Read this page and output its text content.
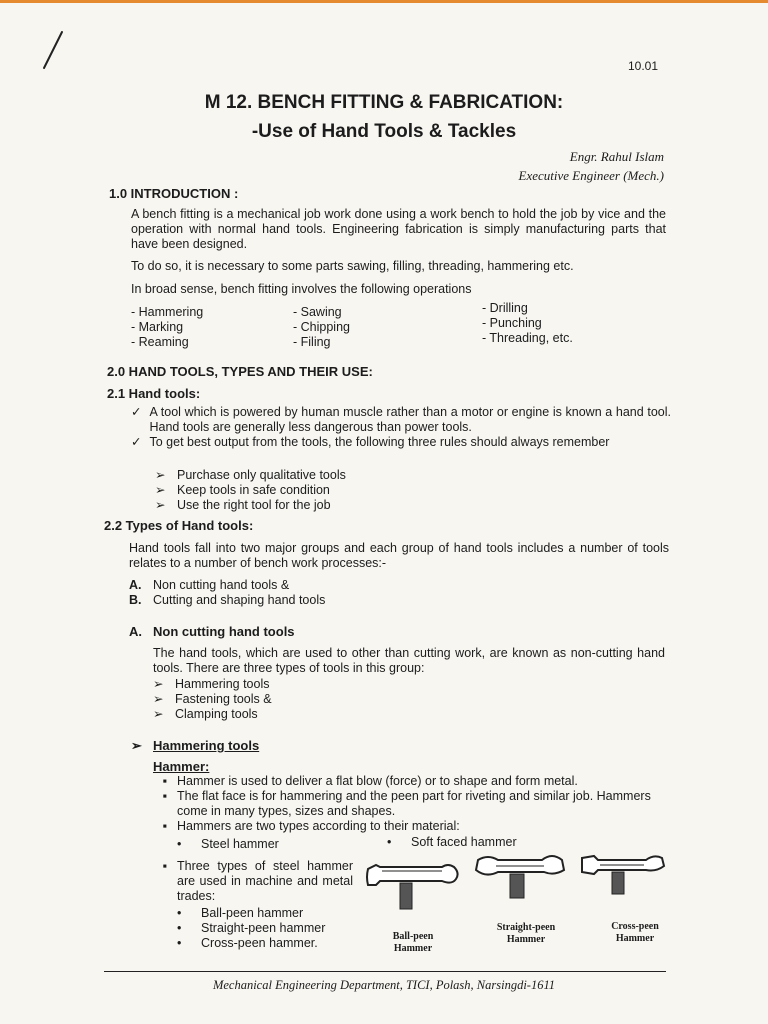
10.01
M 12. BENCH FITTING & FABRICATION:
-Use of Hand Tools & Tackles
Engr. Rahul Islam
Executive Engineer (Mech.)
1.0 INTRODUCTION :
A bench fitting is a mechanical job work done using a work bench to hold the job by vice and the operation with normal hand tools. Engineering fabrication is simply manufacturing parts that have been designed.
To do so, it is necessary to some parts sawing, filling, threading, hammering etc.
In broad sense, bench fitting involves the following operations
- Hammering
- Marking
- Reaming
- Sawing
- Chipping
- Filing
- Drilling
- Punching
- Threading, etc.
2.0 HAND TOOLS, TYPES AND THEIR USE:
2.1 Hand tools:
✓ A tool which is powered by human muscle rather than a motor or engine is known a hand tool. Hand tools are generally less dangerous than power tools.
✓ To get best output from the tools, the following three rules should always remember
➢ Purchase only qualitative tools
➢ Keep tools in safe condition
➢ Use the right tool for the job
2.2 Types of Hand tools:
Hand tools fall into two major groups and each group of hand tools includes a number of tools relates to a number of bench work processes:-
A. Non cutting hand tools &
B. Cutting and shaping hand tools
A. Non cutting hand tools
The hand tools, which are used to other than cutting work, are known as non-cutting hand tools. There are three types of tools in this group:
➢ Hammering tools
➢ Fastening tools &
➢ Clamping tools
➢ Hammering tools
Hammer:
▪ Hammer is used to deliver a flat blow (force) or to shape and form metal.
▪ The flat face is for hammering and the peen part for riveting and similar job. Hammers come in many types, sizes and shapes.
▪ Hammers are two types according to their material:
• Steel hammer	• Soft faced hammer
▪ Three types of steel hammer are used in machine and metal trades:
• Ball-peen hammer
• Straight-peen hammer
• Cross-peen hammer.	Ball-peen
Hammer
Straight-peen
Hammer
Cross-peen
Hammer
Mechanical Engineering Department, TICI, Polash, Narsingdi-1611
